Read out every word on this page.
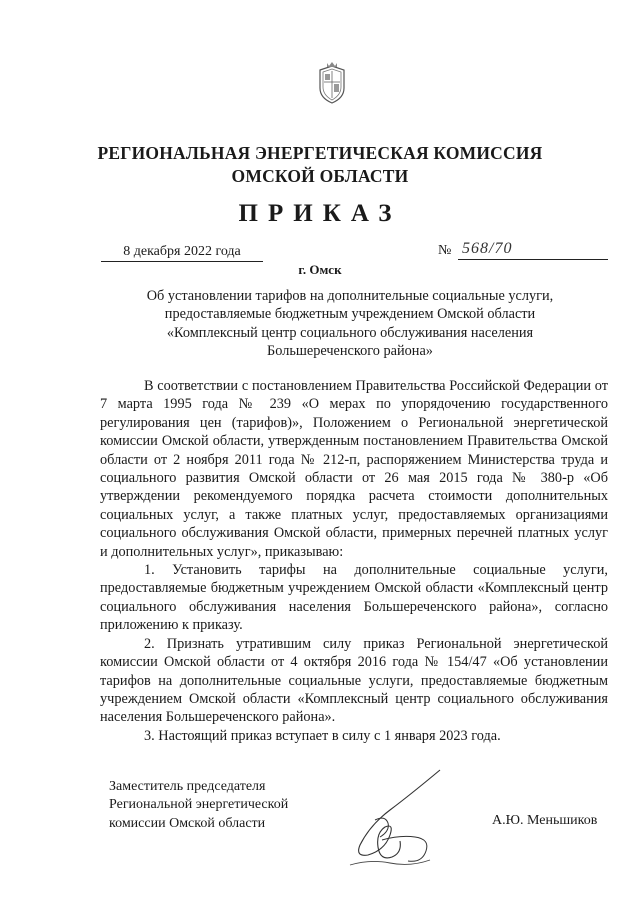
РЕГИОНАЛЬНАЯ ЭНЕРГЕТИЧЕСКАЯ КОМИССИЯ
ОМСКОЙ ОБЛАСТИ
ПРИКАЗ
8 декабря 2022 года	№ 568/70
г. Омск
Об установлении тарифов на дополнительные социальные услуги,
предоставляемые бюджетным учреждением Омской области
«Комплексный центр социального обслуживания населения
Большереченского района»

В соответствии с постановлением Правительства Российской Федерации от 7 марта 1995 года № 239 «О мерах по упорядочению государственного регулирования цен (тарифов)», Положением о Региональной энергетической комиссии Омской области, утвержденным постановлением Правительства Омской области от 2 ноября 2011 года № 212-п, распоряжением Министерства труда и социального развития Омской области от 26 мая 2015 года № 380-р «Об утверждении рекомендуемого порядка расчета стоимости дополнительных социальных услуг, а также платных услуг, предоставляемых организациями социального обслуживания Омской области, примерных перечней платных услуг и дополнительных услуг», приказываю:

1. Установить тарифы на дополнительные социальные услуги, предоставляемые бюджетным учреждением Омской области «Комплексный центр социального обслуживания населения Большереченского района», согласно приложению к приказу.

2. Признать утратившим силу приказ Региональной энергетической комиссии Омской области от 4 октября 2016 года № 154/47 «Об установлении тарифов на дополнительные социальные услуги, предоставляемые бюджетным учреждением Омской области «Комплексный центр социального обслуживания населения Большереченского района».

3. Настоящий приказ вступает в силу с 1 января 2023 года.

Заместитель председателя
Региональной энергетической
комиссии Омской области	А.Ю. Меньшиков
